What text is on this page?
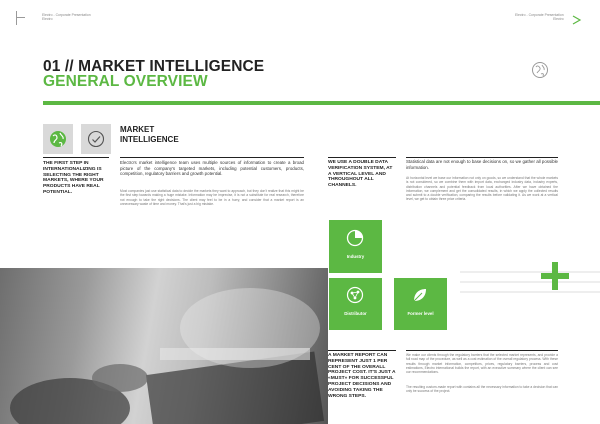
Electro - Corporate Presentation
Electro
Electro - Corporate Presentation
Electro
01 // MARKET INTELLIGENCE
GENERAL OVERVIEW
MARKET
INTELLIGENCE
THE FIRST STEP IN INTERNATIONALIZING IS SELECTING THE RIGHT MARKETS, WHERE YOUR PRODUCTS HAVE REAL POTENTIAL.
Electro's market intelligence team uses multiple sources of information to create a broad picture of the company's targeted markets, including potential customers, products, competition, regulatory barriers and growth potential.
Most companies just use statistical data to decide the markets they want to approach, but they don't realize that this might be the first step towards making a huge mistake. Information may be imprecise, it is not a substitute for real research, therefore not enough to take the right decisions. The client may feel to be in a hurry, and consider that a market report is an unnecessary waste of time and money. That's just a big mistake.
WE USE A DOUBLE DATA VERIFICATION SYSTEM, AT A VERTICAL LEVEL AND THROUGHOUT ALL CHANNELS.
Statistical data are not enough to base decisions on, so we gather all possible information.
At horizontal level we base our information not only on goods, so we understand that the whole markets is not considered, so we combine them with import data, exchanged industry data, industry experts, distribution channels and potential feedback from local authorities. After we have obtained the information, we complement and get the consolidated results, in which we apply the collected results and submit to a double verification, comparing the results before validating it. As we work at a vertical level, we get to obtain three price criteria.
Industry
Distributor	Former level
A MARKET REPORT CAN REPRESENT JUST 1 PER CENT OF THE OVERALL PROJECT COST. IT'S JUST A «MUST» FOR SUCCESSFUL PROJECT DECISIONS AND AVOIDING TAKING THE WRONG STEPS.
We make our clients through the regulatory barriers that the selected market represents, and provide a full road map of the procedure, as well as a cost estimation of the overall regulatory process. With these results through market information, competitors, prices, regulatory barriers, process and cost estimations, Electro international builds the report, with an executive summary where the client can see our recommendations.
The resulting custom-made report with contains all the necessary information to take a decision that can only be success of the project.
